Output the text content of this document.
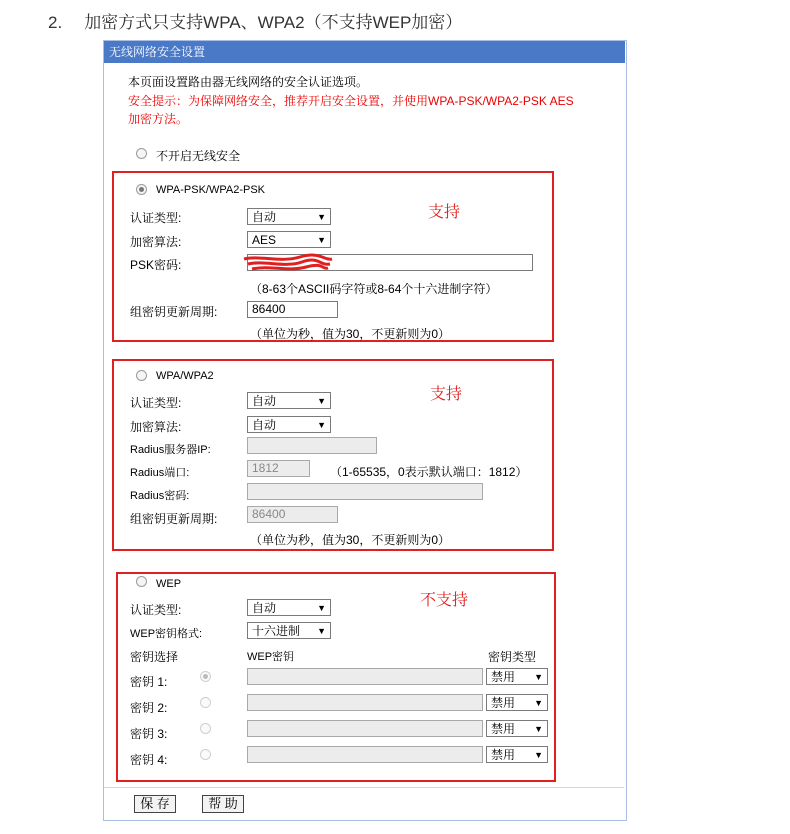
2. 加密方式只支持WPA、WPA2（不支持WEP加密）
无线网络安全设置
本页面设置路由器无线网络的安全认证选项。
安全提示：为保障网络安全，推荐开启安全设置，并使用WPA-PSK/WPA2-PSK AES
加密方法。
不开启无线安全
WPA-PSK/WPA2-PSK
支持
认证类型:	自动	▼
加密算法:	AES	▼
PSK密码:
（8-63个ASCII码字符或8-64个十六进制字符）
组密钥更新周期:	86400
（单位为秒，值为30，不更新则为0）
WPA/WPA2
支持
认证类型:	自动	▼
加密算法:	自动	▼
Radius服务器IP:
Radius端口:	1812	（1-65535，0表示默认端口：1812）
Radius密码:
组密钥更新周期:	86400
（单位为秒，值为30，不更新则为0）
WEP
不支持
认证类型:	自动	▼
WEP密钥格式:	十六进制 ▼
密钥选择	WEP密钥	密钥类型
密钥 1:	禁用 ▼
密钥 2:	禁用 ▼
密钥 3:	禁用 ▼
密钥 4:	禁用 ▼
保 存	帮 助
